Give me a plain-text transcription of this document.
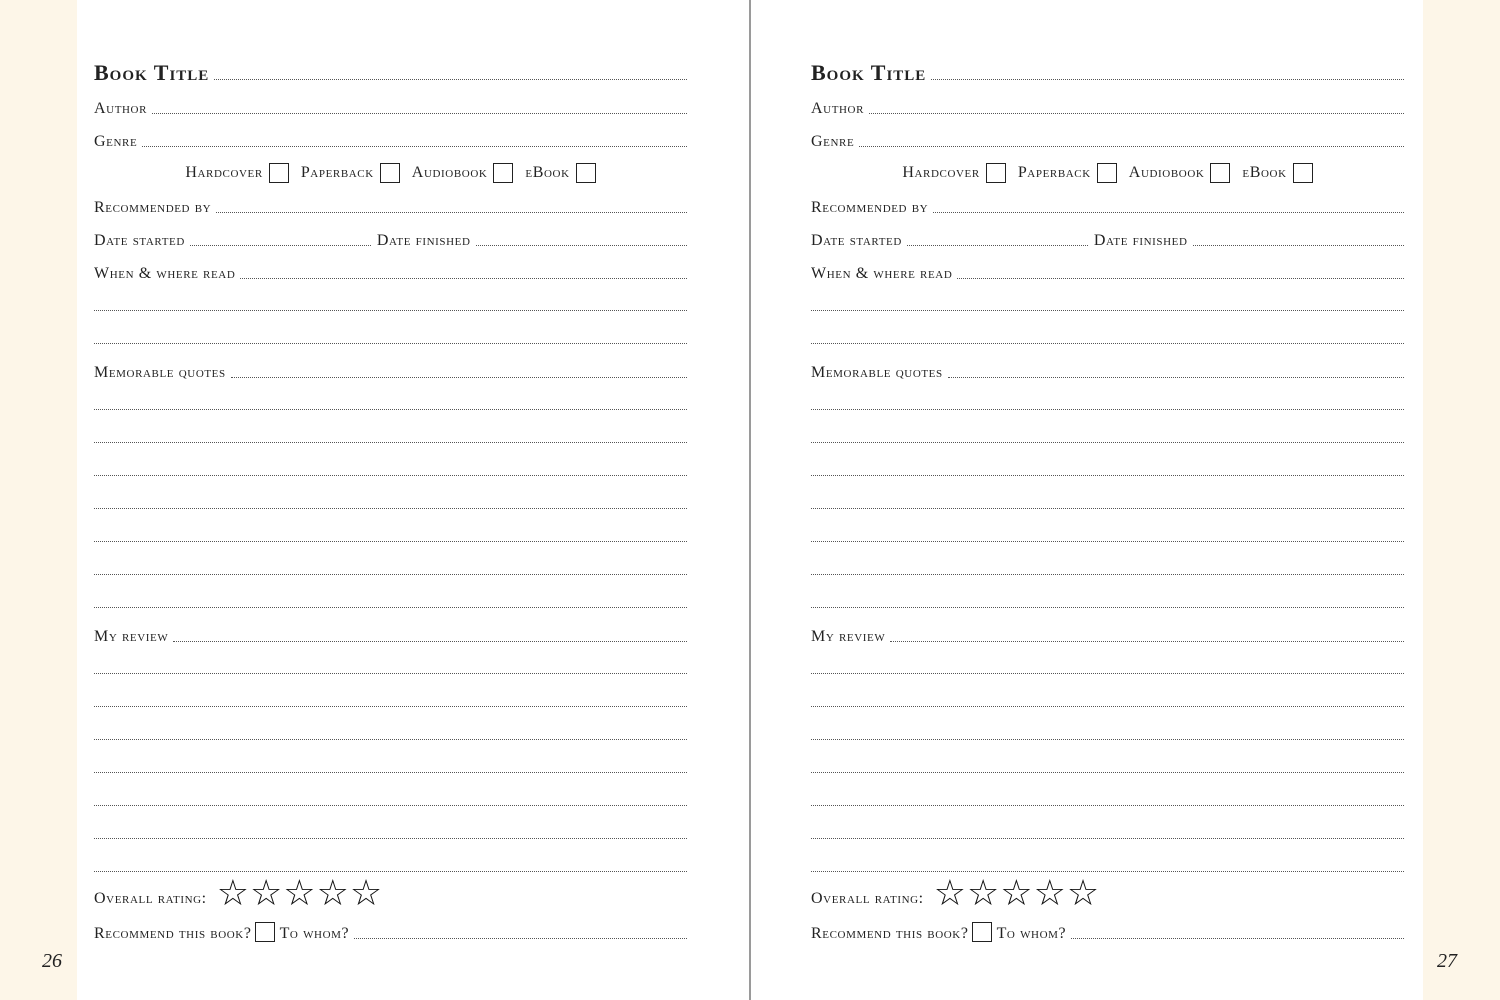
Book Title
Author
Genre
Hardcover Paperback Audiobook eBook
Recommended by
Date started	Date finished
When & where read
Memorable quotes
My review
Overall rating: ☆ ☆ ☆ ☆ ☆
Recommend this book? To whom?
Book Title
Author
Genre
Hardcover Paperback Audiobook eBook
Recommended by
Date started	Date finished
When & where read
Memorable quotes
My review
Overall rating: ☆ ☆ ☆ ☆ ☆
Recommend this book? To whom?
26	27
